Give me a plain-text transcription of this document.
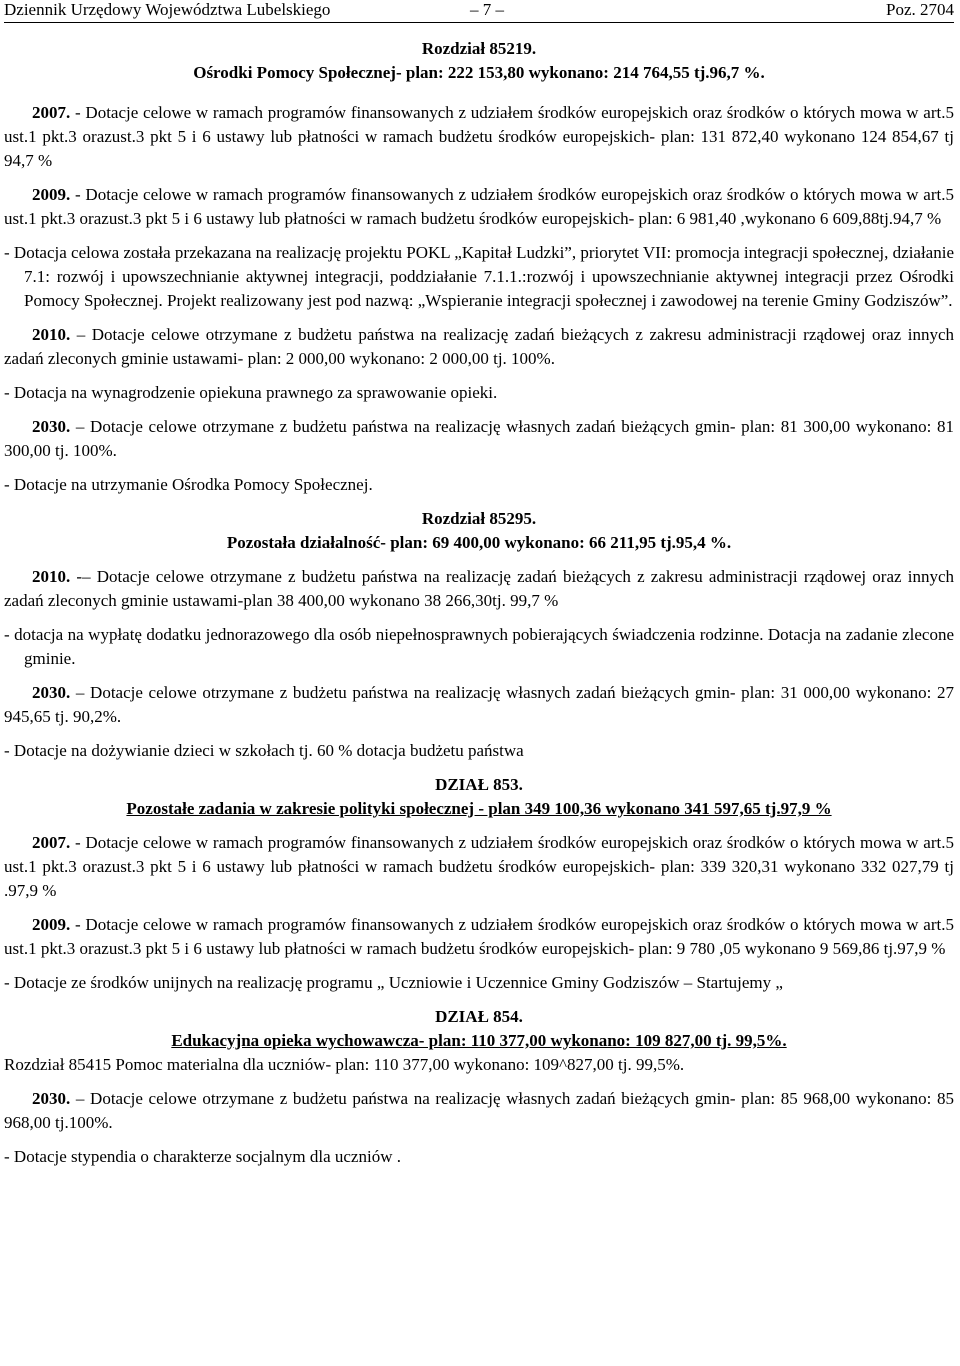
Dziennik Urzędowy Województwa Lubelskiego	– 7 –	Poz. 2704

Rozdział 85219.

Ośrodki Pomocy Społecznej- plan: 222 153,80 wykonano: 214 764,55 tj.96,7 %.

2007. - Dotacje celowe w ramach programów finansowanych z udziałem środków europejskich oraz środków o których mowa w art.5 ust.1 pkt.3 orazust.3 pkt 5 i 6 ustawy lub płatności w ramach budżetu środków europejskich- plan: 131 872,40 wykonano 124 854,67 tj 94,7 %

2009. - Dotacje celowe w ramach programów finansowanych z udziałem środków europejskich oraz środków o których mowa w art.5 ust.1 pkt.3 orazust.3 pkt 5 i 6 ustawy lub płatności w ramach budżetu środków europejskich- plan: 6 981,40 ,wykonano 6 609,88tj.94,7 %

- Dotacja celowa została przekazana na realizację projektu POKL „Kapitał Ludzki”, priorytet VII: promocja integracji społecznej, działanie 7.1: rozwój i upowszechnianie aktywnej integracji, poddziałanie 7.1.1.:rozwój i upowszechnianie aktywnej integracji przez Ośrodki Pomocy Społecznej. Projekt realizowany jest pod nazwą: „Wspieranie integracji społecznej i zawodowej na terenie Gminy Godziszów”.

2010. – Dotacje celowe otrzymane z budżetu państwa na realizację zadań bieżących z zakresu administracji rządowej oraz innych zadań zleconych gminie ustawami- plan: 2 000,00 wykonano: 2 000,00 tj. 100%.

- Dotacja na wynagrodzenie opiekuna prawnego za sprawowanie opieki.

2030. – Dotacje celowe otrzymane z budżetu państwa na realizację własnych zadań bieżących gmin- plan: 81 300,00 wykonano: 81 300,00 tj. 100%.

- Dotacje na utrzymanie Ośrodka Pomocy Społecznej.

Rozdział 85295.

Pozostała działalność- plan: 69 400,00 wykonano: 66 211,95 tj.95,4 %.

2010. -– Dotacje celowe otrzymane z budżetu państwa na realizację zadań bieżących z zakresu administracji rządowej oraz innych zadań zleconych gminie ustawami-plan 38 400,00 wykonano 38 266,30tj. 99,7 %

- dotacja na wypłatę dodatku jednorazowego dla osób niepełnosprawnych pobierających świadczenia rodzinne. Dotacja na zadanie zlecone gminie.

2030. – Dotacje celowe otrzymane z budżetu państwa na realizację własnych zadań bieżących gmin- plan: 31 000,00 wykonano: 27 945,65 tj. 90,2%.

- Dotacje na dożywianie dzieci w szkołach tj. 60 % dotacja budżetu państwa

DZIAŁ 853.

Pozostałe zadania w zakresie polityki społecznej - plan 349 100,36 wykonano 341 597,65 tj.97,9 %

2007. - Dotacje celowe w ramach programów finansowanych z udziałem środków europejskich oraz środków o których mowa w art.5 ust.1 pkt.3 orazust.3 pkt 5 i 6 ustawy lub płatności w ramach budżetu środków europejskich- plan: 339 320,31 wykonano 332 027,79 tj .97,9 %

2009. - Dotacje celowe w ramach programów finansowanych z udziałem środków europejskich oraz środków o których mowa w art.5 ust.1 pkt.3 orazust.3 pkt 5 i 6 ustawy lub płatności w ramach budżetu środków europejskich- plan: 9 780 ,05 wykonano 9 569,86 tj.97,9 %

- Dotacje ze środków unijnych na realizację programu „ Uczniowie i Uczennice Gminy Godziszów – Startujemy „

DZIAŁ 854.

Edukacyjna opieka wychowawcza- plan: 110 377,00 wykonano: 109 827,00 tj. 99,5%.

Rozdział 85415 Pomoc materialna dla uczniów- plan: 110 377,00 wykonano: 109^827,00 tj. 99,5%.

2030. – Dotacje celowe otrzymane z budżetu państwa na realizację własnych zadań bieżących gmin- plan: 85 968,00 wykonano: 85 968,00 tj.100%.

- Dotacje stypendia o charakterze socjalnym dla uczniów .
